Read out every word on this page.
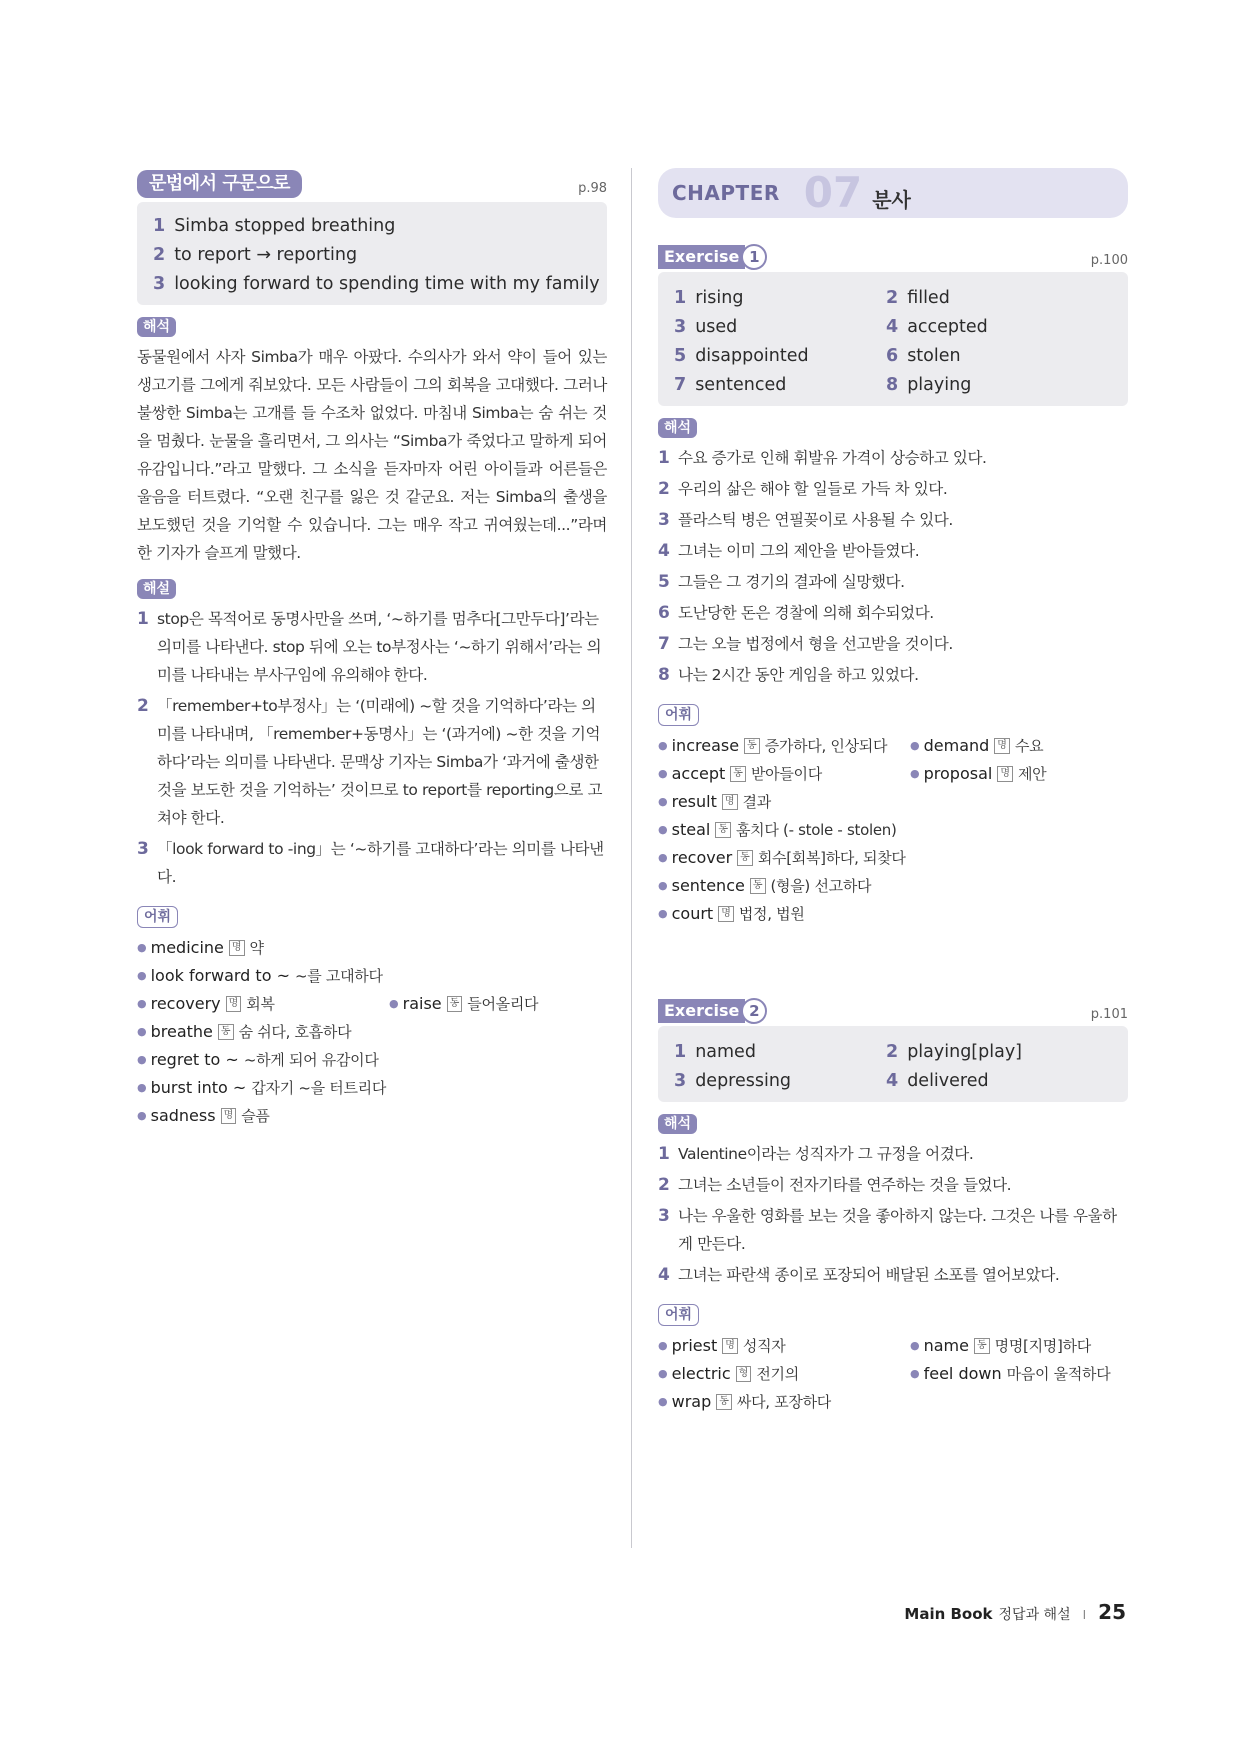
문법에서 구문으로	p.98
1 Simba stopped breathing
2 to report → reporting
3 looking forward to spending time with my family
해석

동물원에서 사자 Simba가 매우 아팠다. 수의사가 와서 약이 들어 있는 생고기를 그에게 줘보았다. 모든 사람들이 그의 회복을 고대했다. 그러나 불쌍한 Simba는 고개를 들 수조차 없었다. 마침내 Simba는 숨 쉬는 것을 멈췄다. 눈물을 흘리면서, 그 의사는 “Simba가 죽었다고 말하게 되어 유감입니다.”라고 말했다. 그 소식을 듣자마자 어린 아이들과 어른들은 울음을 터트렸다. “오랜 친구를 잃은 것 같군요. 저는 Simba의 출생을 보도했던 것을 기억할 수 있습니다. 그는 매우 작고 귀여웠는데...”라며 한 기자가 슬프게 말했다.

해설
1 stop은 목적어로 동명사만을 쓰며, ‘~하기를 멈추다[그만두다]’라는 의미를 나타낸다. stop 뒤에 오는 to부정사는 ‘~하기 위해서’라는 의미를 나타내는 부사구임에 유의해야 한다.
2 「remember+to부정사」는 ‘(미래에) ~할 것을 기억하다’라는 의미를 나타내며, 「remember+동명사」는 ‘(과거에) ~한 것을 기억하다’라는 의미를 나타낸다. 문맥상 기자는 Simba가 ‘과거에 출생한 것을 보도한 것을 기억하는’ 것이므로 to report를 reporting으로 고쳐야 한다.
3 「look forward to -ing」는 ‘~하기를 고대하다’라는 의미를 나타낸다.
어휘
● medicine 명 약
● look forward to ~ ~를 고대하다
● recovery 명 회복	● raise 동 들어올리다
● breathe 동 숨 쉬다, 호흡하다
● regret to ~ ~하게 되어 유감이다
● burst into ~ 갑자기 ~을 터트리다
● sadness 명 슬픔
CHAPTER 07 분사
Exercise 1	p.100
1 rising	2 filled
3 used	4 accepted
5 disappointed	6 stolen
7 sentenced	8 playing
해석
1 수요 증가로 인해 휘발유 가격이 상승하고 있다.
2 우리의 삶은 해야 할 일들로 가득 차 있다.
3 플라스틱 병은 연필꽂이로 사용될 수 있다.
4 그녀는 이미 그의 제안을 받아들였다.
5 그들은 그 경기의 결과에 실망했다.
6 도난당한 돈은 경찰에 의해 회수되었다.
7 그는 오늘 법정에서 형을 선고받을 것이다.
8 나는 2시간 동안 게임을 하고 있었다.
어휘
● increase 동 증가하다, 인상되다 ● demand 명 수요
● accept 동 받아들이다	● proposal 명 제안
● result 명 결과
● steal 동 훔치다 (- stole - stolen)
● recover 동 회수[회복]하다, 되찾다
● sentence 동 (형을) 선고하다
● court 명 법정, 법원
Exercise 2	p.101
1 named	2 playing[play]
3 depressing	4 delivered
해석
1 Valentine이라는 성직자가 그 규정을 어겼다.
2 그녀는 소년들이 전자기타를 연주하는 것을 들었다.
3 나는 우울한 영화를 보는 것을 좋아하지 않는다. 그것은 나를 우울하게 만든다.
4 그녀는 파란색 종이로 포장되어 배달된 소포를 열어보았다.
어휘
● priest 명 성직자	● name 동 명명[지명]하다
● electric 형 전기의	● feel down 마음이 울적하다
● wrap 동 싸다, 포장하다
Main Book 정답과 해설 I 25
